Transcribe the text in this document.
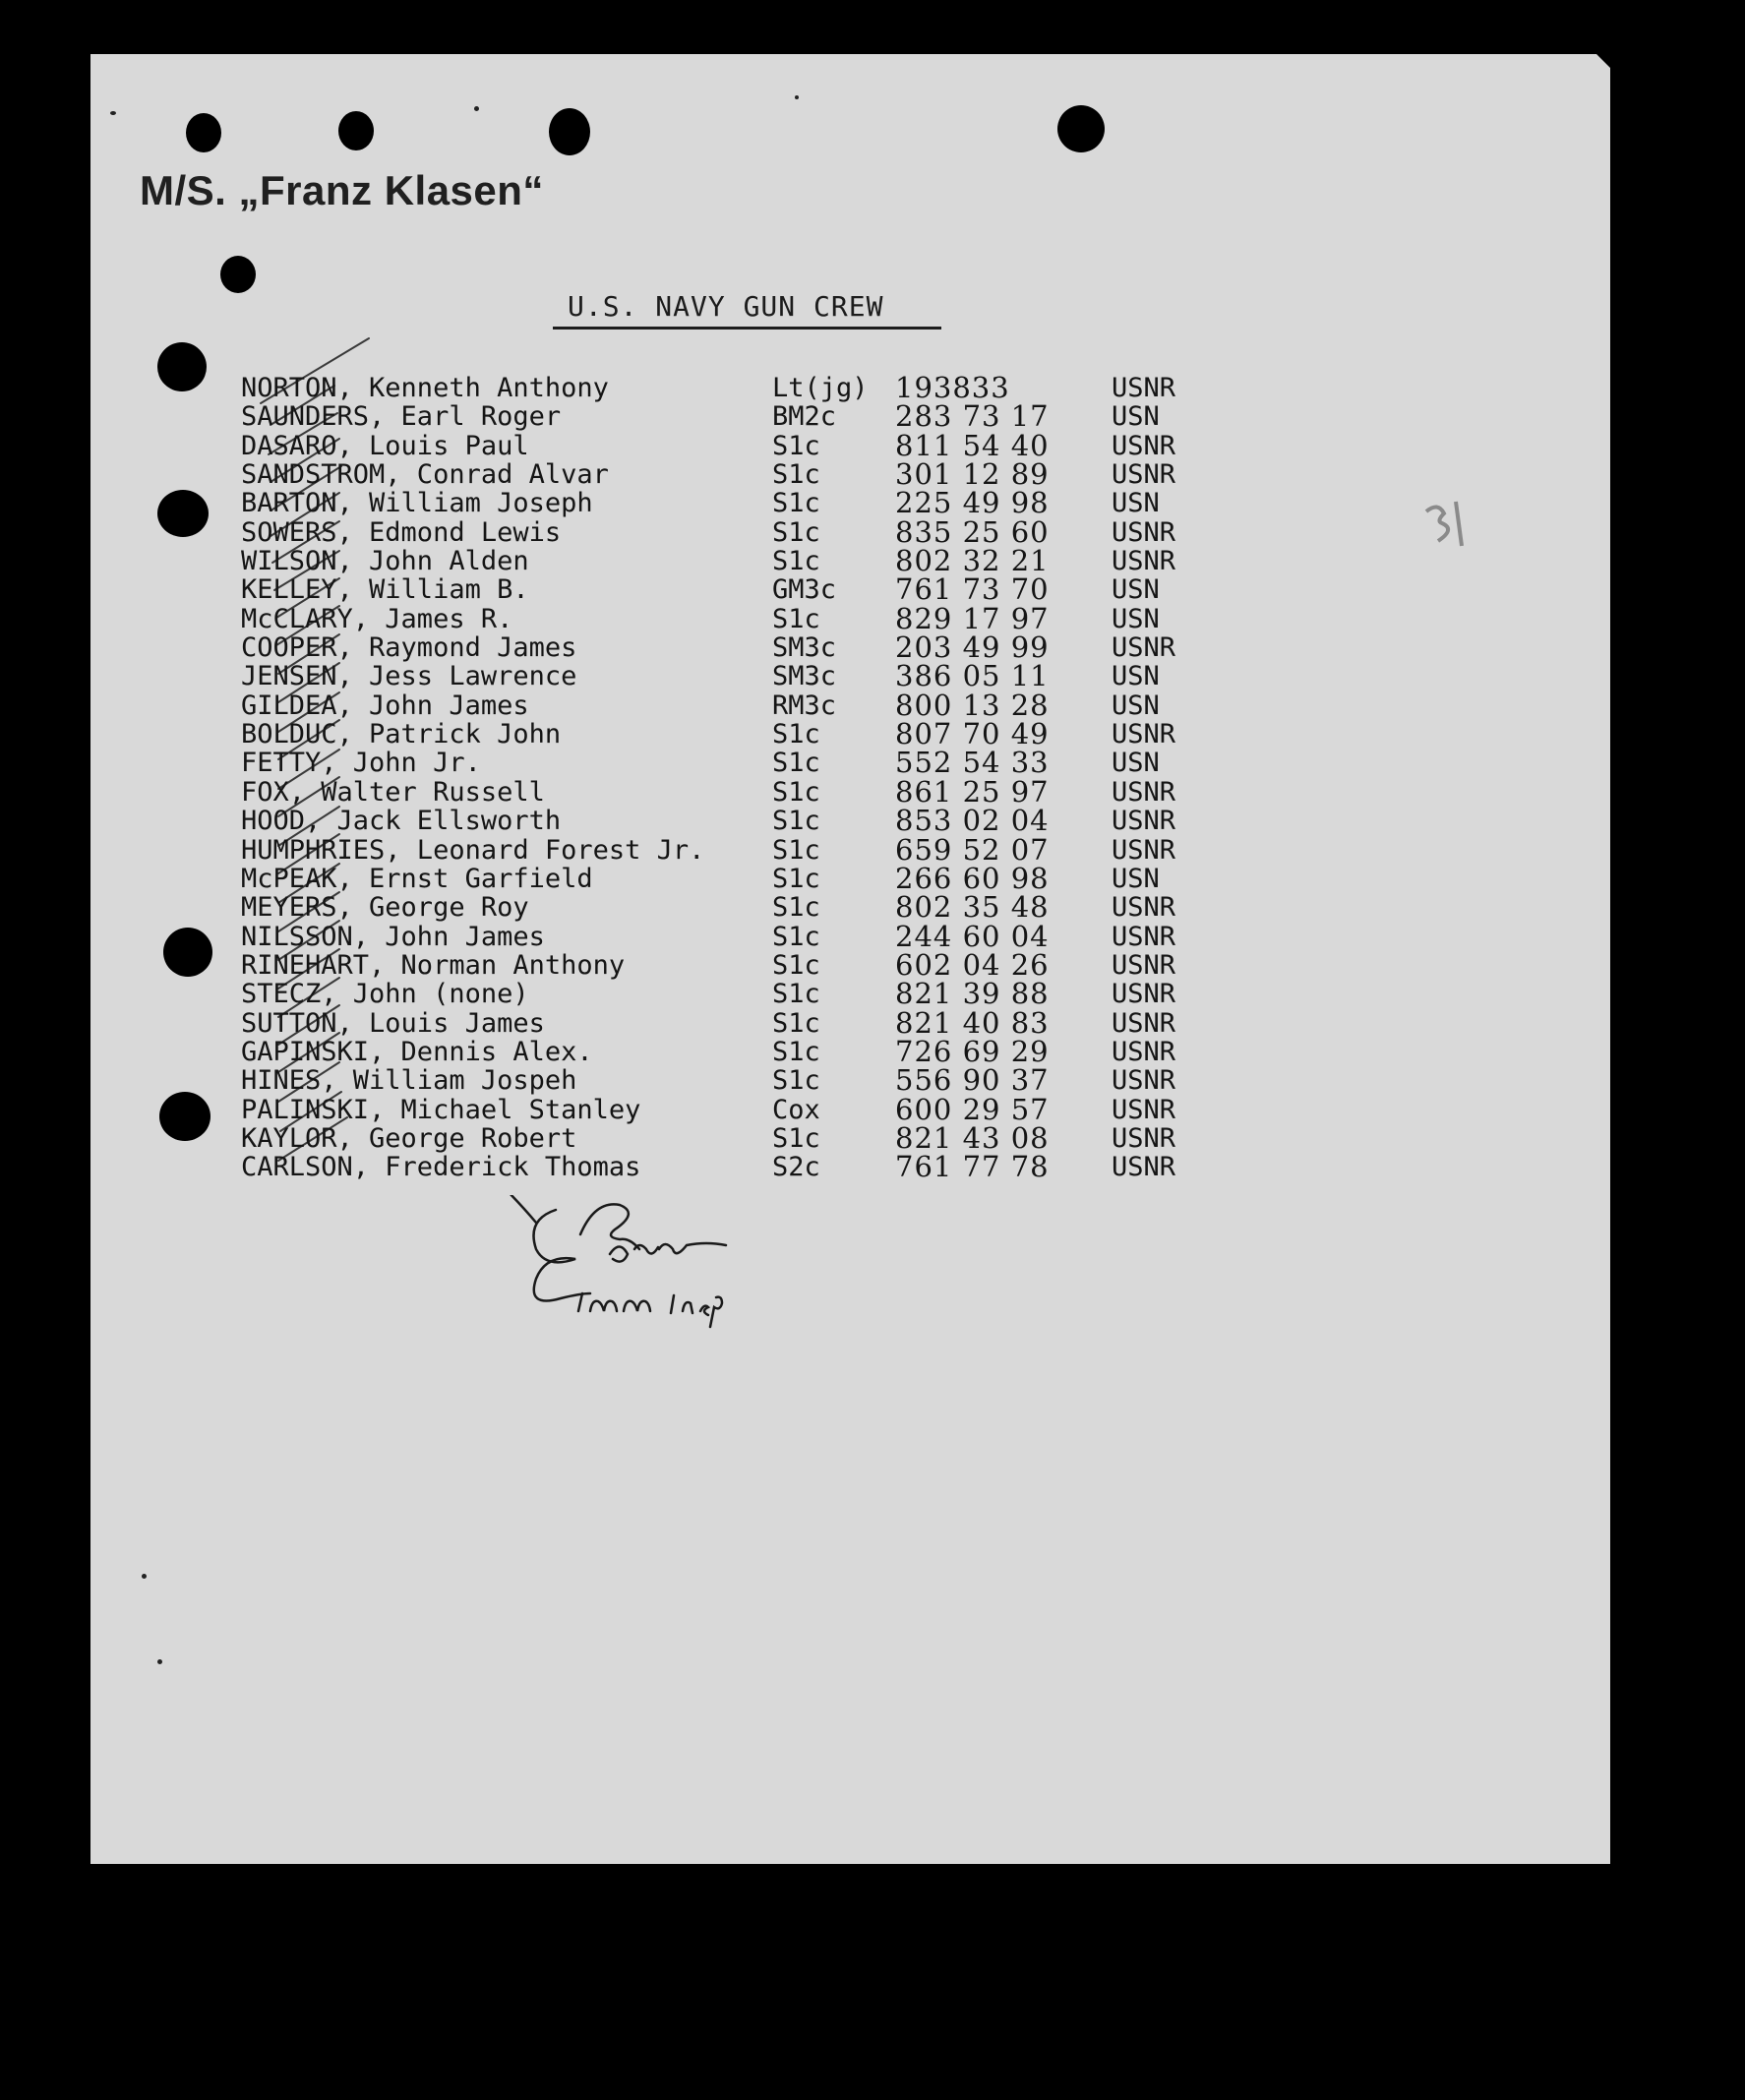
M/S. „Franz Klasen“
U.S. NAVY GUN CREW
NORTON, Kenneth Anthony	Lt(jg) 193833	USNR
SAUNDERS, Earl Roger	BM2c 283 73 17 USN
DASARO, Louis Paul	S1c	811 54 40 USNR
SANDSTROM, Conrad Alvar	S1c	301 12 89 USNR
BARTON, William Joseph	S1c	225 49 98 USN
SOWERS, Edmond Lewis	S1c	835 25 60 USNR
WILSON, John Alden	S1c	802 32 21 USNR
KELLEY, William B.	GM3c 761 73 70 USN
McCLARY, James R.	S1c	829 17 97 USN
COOPER, Raymond James	SM3c 203 49 99 USNR
JENSEN, Jess Lawrence	SM3c 386 05 11 USN
GILDEA, John James	RM3c 800 13 28 USN
BOLDUC, Patrick John	S1c	807 70 49 USNR
FETTY, John Jr.	S1c	552 54 33 USN
FOX, Walter Russell	S1c	861 25 97 USNR
HOOD, Jack Ellsworth	S1c	853 02 04 USNR
HUMPHRIES, Leonard Forest Jr.	S1c	659 52 07 USNR
McPEAK, Ernst Garfield	S1c	266 60 98 USN
MEYERS, George Roy	S1c	802 35 48 USNR
NILSSON, John James	S1c	244 60 04 USNR
RINEHART, Norman Anthony	S1c	602 04 26 USNR
STECZ, John (none)	S1c	821 39 88 USNR
SUTTON, Louis James	S1c	821 40 83 USNR
GAPINSKI, Dennis Alex.	S1c	726 69 29 USNR
HINES, William Jospeh	S1c	556 90 37 USNR
PALINSKI, Michael Stanley	Cox	600 29 57 USNR
KAYLOR, George Robert	S1c	821 43 08 USNR
CARLSON, Frederick Thomas	S2c	761 77 78 USNR
